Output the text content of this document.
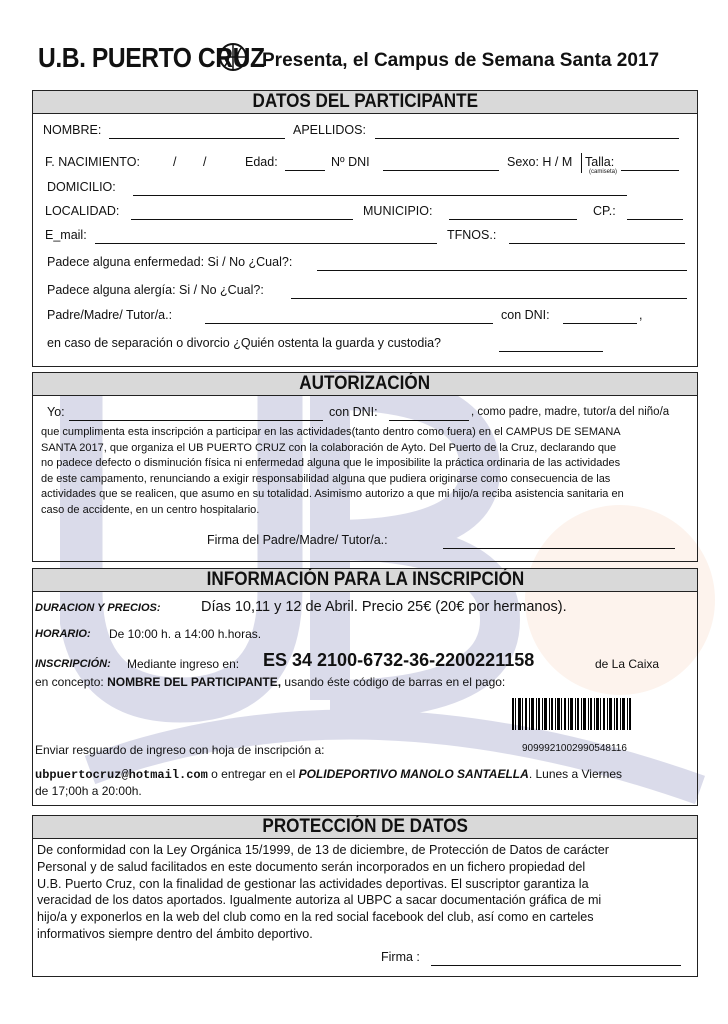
U.B. PUERTO CRUZ
Presenta, el Campus de Semana Santa 2017
DATOS DEL PARTICIPANTE
NOMBRE:	APELLIDOS:
F. NACIMIENTO:	/ /	Edad:	Nº DNI	Sexo: H / M Talla:
(camiseta)
DOMICILIO:
LOCALIDAD:	MUNICIPIO:	CP.:
E_mail:	TFNOS.:
Padece alguna enfermedad: Si / No ¿Cual?:
Padece alguna alergía: Si / No ¿Cual?:
Padre/Madre/ Tutor/a.:	con DNI:	,
en caso de separación o divorcio ¿Quién ostenta la guarda y custodia?
AUTORIZACIÓN
Yo:	con DNI:	, como padre, madre, tutor/a del niño/a
que cumplimenta esta inscripción a participar en las actividades(tanto dentro como fuera) en el CAMPUS DE SEMANA
SANTA 2017, que organiza el UB PUERTO CRUZ con la colaboración de Ayto. Del Puerto de la Cruz, declarando que
no padece defecto o disminución física ni enfermedad alguna que le imposibilite la práctica ordinaria de las actividades
de este campamento, renunciando a exigir responsabilidad alguna que pudiera originarse como consecuencia de las
actividades que se realicen, que asumo en su totalidad. Asimismo autorizo a que mi hijo/a reciba asistencia sanitaria en
caso de accidente, en un centro hospitalario.
Firma del Padre/Madre/ Tutor/a.:
INFORMACIÓN PARA LA INSCRIPCIÓN
DURACION Y PRECIOS:	Días 10,11 y 12 de Abril. Precio 25€ (20€ por hermanos).
HORARIO: De 10:00 h. a 14:00 h.horas.
INSCRIPCIÓN: Mediante ingreso en: ES 34 2100-6732-36-2200221158	de La Caixa
en concepto: NOMBRE DEL PARTICIPANTE, usando éste código de barras en el pago:
Enviar resguardo de ingreso con hoja de inscripción a:
ubpuertocruz@hotmail.com o entregar en el POLIDEPORTIVO MANOLO SANTAELLA. Lunes a Viernes
de 17;00h a 20:00h.
9099921002990548116
PROTECCIÓN DE DATOS
De conformidad con la Ley Orgánica 15/1999, de 13 de diciembre, de Protección de Datos de carácter
Personal y de salud facilitados en este documento serán incorporados en un fichero propiedad del
U.B. Puerto Cruz, con la finalidad de gestionar las actividades deportivas. El suscriptor garantiza la
veracidad de los datos aportados. Igualmente autoriza al UBPC a sacar documentación gráfica de mi
hijo/a y exponerlos en la web del club como en la red social facebook del club, así como en carteles
informativos siempre dentro del ámbito deportivo.
Firma :
